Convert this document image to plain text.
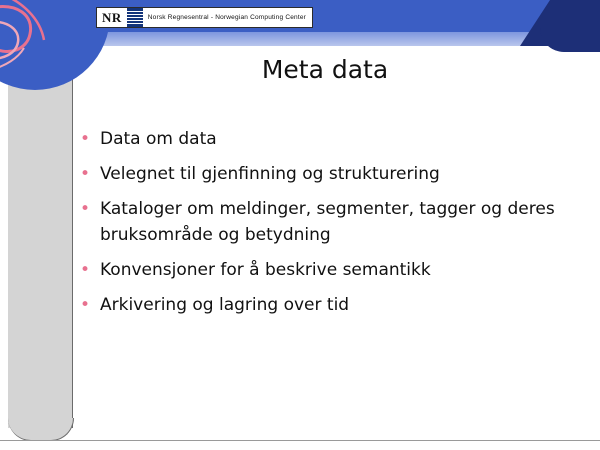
NR	Norsk Regnesentral - Norwegian Computing Center
Meta data
• Data om data
• Velegnet til gjenfinning og strukturering
• Kataloger om meldinger, segmenter, tagger og deres bruksområde og betydning
• Konvensjoner for å beskrive semantikk
• Arkivering og lagring over tid
